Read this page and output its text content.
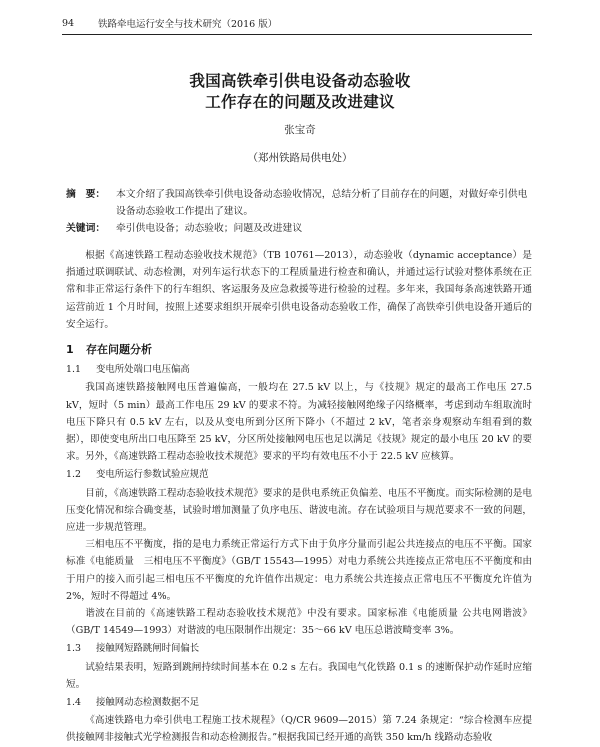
94	铁路牵电运行安全与技术研究（2016 版）
我国高铁牵引供电设备动态验收
工作存在的问题及改进建议
张宝奇
（郑州铁路局供电处）
摘　要：	本文介绍了我国高铁牵引供电设备动态验收情况，总结分析了目前存在的问题，对做好牵引供电设备动态验收工作提出了建议。
关键词：	牵引供电设备；动态验收；问题及改进建议

根据《高速铁路工程动态验收技术规范》（TB 10761—2013），动态验收（dynamic acceptance）是指通过联调联试、动态检测，对列车运行状态下的工程质量进行检查和确认，并通过运行试验对整体系统在正常和非正常运行条件下的行车组织、客运服务及应急救援等进行检验的过程。多年来，我国每条高速铁路开通运营前近 1 个月时间，按照上述要求组织开展牵引供电设备动态验收工作，确保了高铁牵引供电设备开通后的安全运行。

1	存在问题分析
1.1	变电所处端口电压偏高

我国高速铁路接触网电压普遍偏高，一般均在 27.5 kV 以上，与《技规》规定的最高工作电压 27.5 kV，短时（5 min）最高工作电压 29 kV 的要求不符。为减轻接触网绝缘子闪络概率，考虑到动车组取流时电压下降只有 0.5 kV 左右，以及从变电所到分区所下降小（不超过 2 kV，笔者亲身观察动车组看到的数据），即使变电所出口电压降至 25 kV，分区所处接触网电压也足以满足《技规》规定的最小电压 20 kV 的要求。另外，《高速铁路工程动态验收技术规范》要求的平均有效电压不小于 22.5 kV 应核算。

1.2	变电所运行参数试验应规范

目前，《高速铁路工程动态验收技术规范》要求的是供电系统正负偏差、电压不平衡度。而实际检测的是电压变化情况和综合确变基，试验时增加测量了负序电压、谐波电流。存在试验项目与规范要求不一致的问题，应进一步规范管理。

三相电压不平衡度，指的是电力系统正常运行方式下由于负序分量而引起公共连接点的电压不平衡。国家标准《电能质量　三相电压不平衡度》（GB/T 15543—1995）对电力系统公共连接点正常电压不平衡度和由于用户的接入而引起三相电压不平衡度的允许值作出规定：电力系统公共连接点正常电压不平衡度允许值为 2%，短时不得超过 4%。

谐波在目前的《高速铁路工程动态验收技术规范》中没有要求。国家标准《电能质量 公共电网谐波》（GB/T 14549—1993）对谐波的电压限制作出规定：35～66 kV 电压总谐波畸变率 3%。

1.3	接触网短路跳闸时间偏长

试验结果表明，短路到跳闸持续时间基本在 0.2 s 左右。我国电气化铁路 0.1 s 的速断保护动作延时应缩短。

1.4	接触网动态检测数据不足

《高速铁路电力牵引供电工程施工技术规程》（Q/CR 9609—2015）第 7.24 条规定：“综合检测车应提供接触网非接触式光学检测报告和动态检测报告。”根据我国已经开通的高铁 350 km/h 线路动态验收
